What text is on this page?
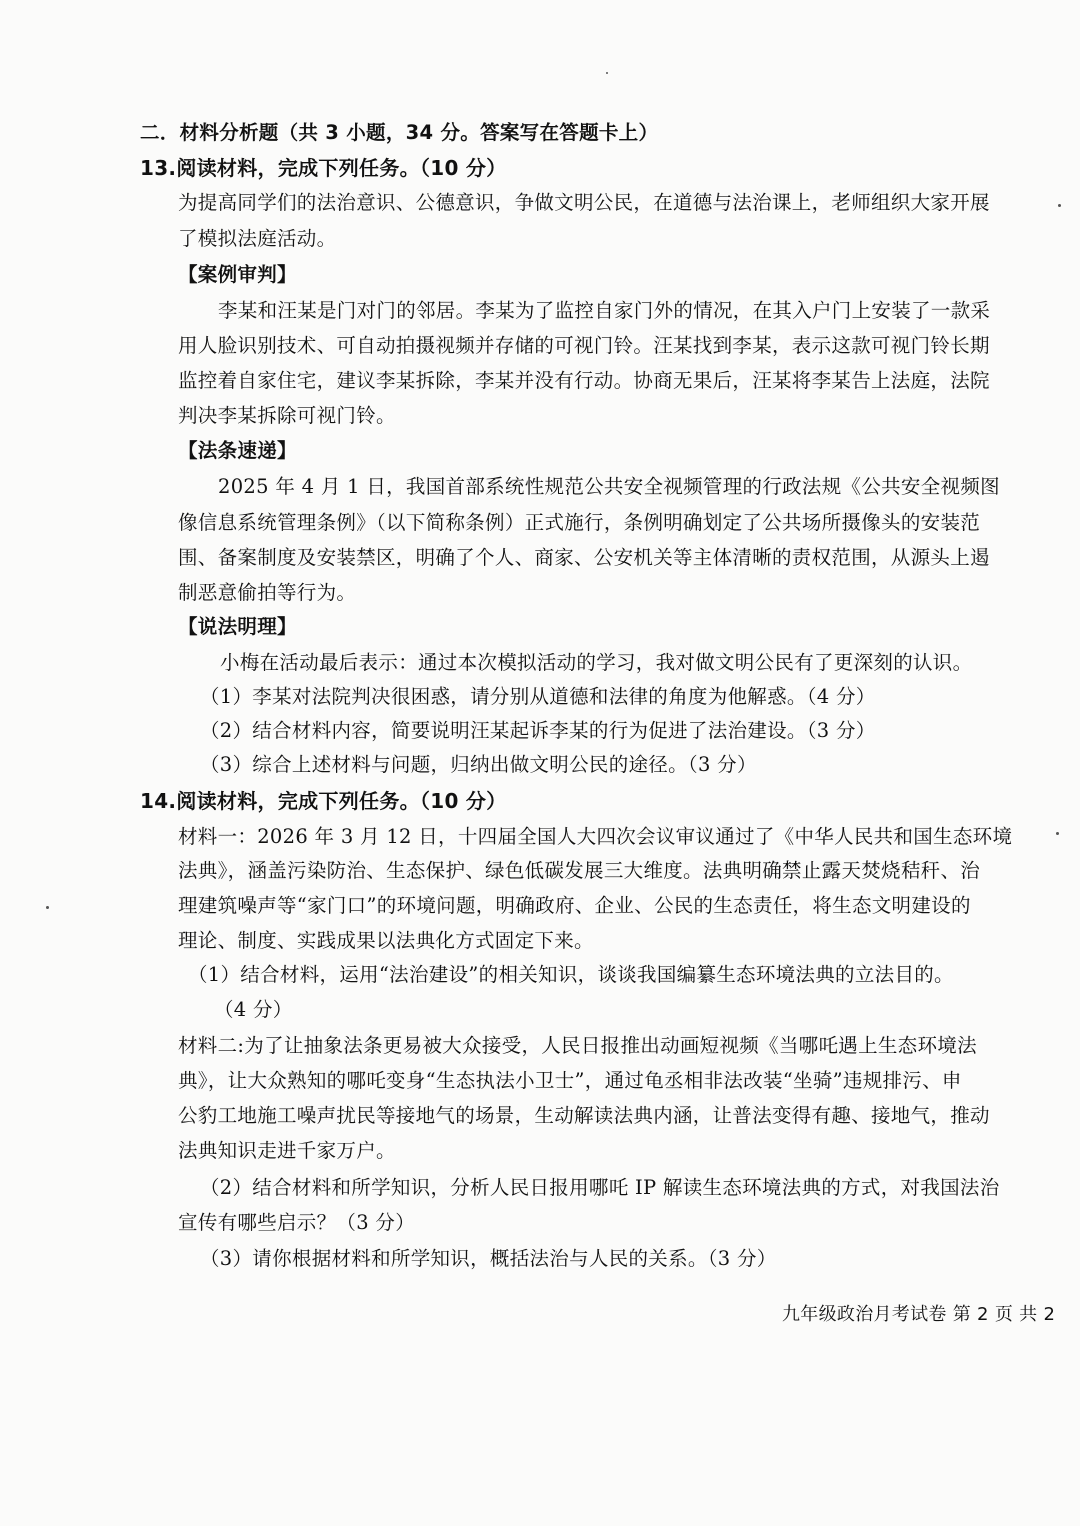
二．材料分析题（共 3 小题，34 分。答案写在答题卡上）
13.阅读材料，完成下列任务。（10 分）
为提高同学们的法治意识、公德意识，争做文明公民，在道德与法治课上，老师组织大家开展
了模拟法庭活动。
【案例审判】
李某和汪某是门对门的邻居。李某为了监控自家门外的情况，在其入户门上安装了一款采
用人脸识别技术、可自动拍摄视频并存储的可视门铃。汪某找到李某，表示这款可视门铃长期
监控着自家住宅，建议李某拆除，李某并没有行动。协商无果后，汪某将李某告上法庭，法院
判决李某拆除可视门铃。
【法条速递】
2025 年 4 月 1 日，我国首部系统性规范公共安全视频管理的行政法规《公共安全视频图
像信息系统管理条例》（以下简称条例）正式施行，条例明确划定了公共场所摄像头的安装范
围、备案制度及安装禁区，明确了个人、商家、公安机关等主体清晰的责权范围，从源头上遏
制恶意偷拍等行为。
【说法明理】
小梅在活动最后表示：通过本次模拟活动的学习，我对做文明公民有了更深刻的认识。
（1）李某对法院判决很困惑，请分别从道德和法律的角度为他解惑。（4 分）
（2）结合材料内容，简要说明汪某起诉李某的行为促进了法治建设。（3 分）
（3）综合上述材料与问题，归纳出做文明公民的途径。（3 分）
14.阅读材料，完成下列任务。（10 分）
材料一：2026 年 3 月 12 日，十四届全国人大四次会议审议通过了《中华人民共和国生态环境
法典》，涵盖污染防治、生态保护、绿色低碳发展三大维度。法典明确禁止露天焚烧秸秆、治
理建筑噪声等“家门口”的环境问题，明确政府、企业、公民的生态责任，将生态文明建设的
理论、制度、实践成果以法典化方式固定下来。
（1）结合材料，运用“法治建设”的相关知识，谈谈我国编纂生态环境法典的立法目的。
（4 分）
材料二:为了让抽象法条更易被大众接受，人民日报推出动画短视频《当哪吒遇上生态环境法
典》，让大众熟知的哪吒变身“生态执法小卫士”，通过龟丞相非法改装“坐骑”违规排污、申
公豹工地施工噪声扰民等接地气的场景，生动解读法典内涵，让普法变得有趣、接地气，推动
法典知识走进千家万户。
（2）结合材料和所学知识，分析人民日报用哪吒 IP 解读生态环境法典的方式，对我国法治
宣传有哪些启示？（3 分）
（3）请你根据材料和所学知识，概括法治与人民的关系。（3 分）
九年级政治月考试卷 第 2 页 共 2
